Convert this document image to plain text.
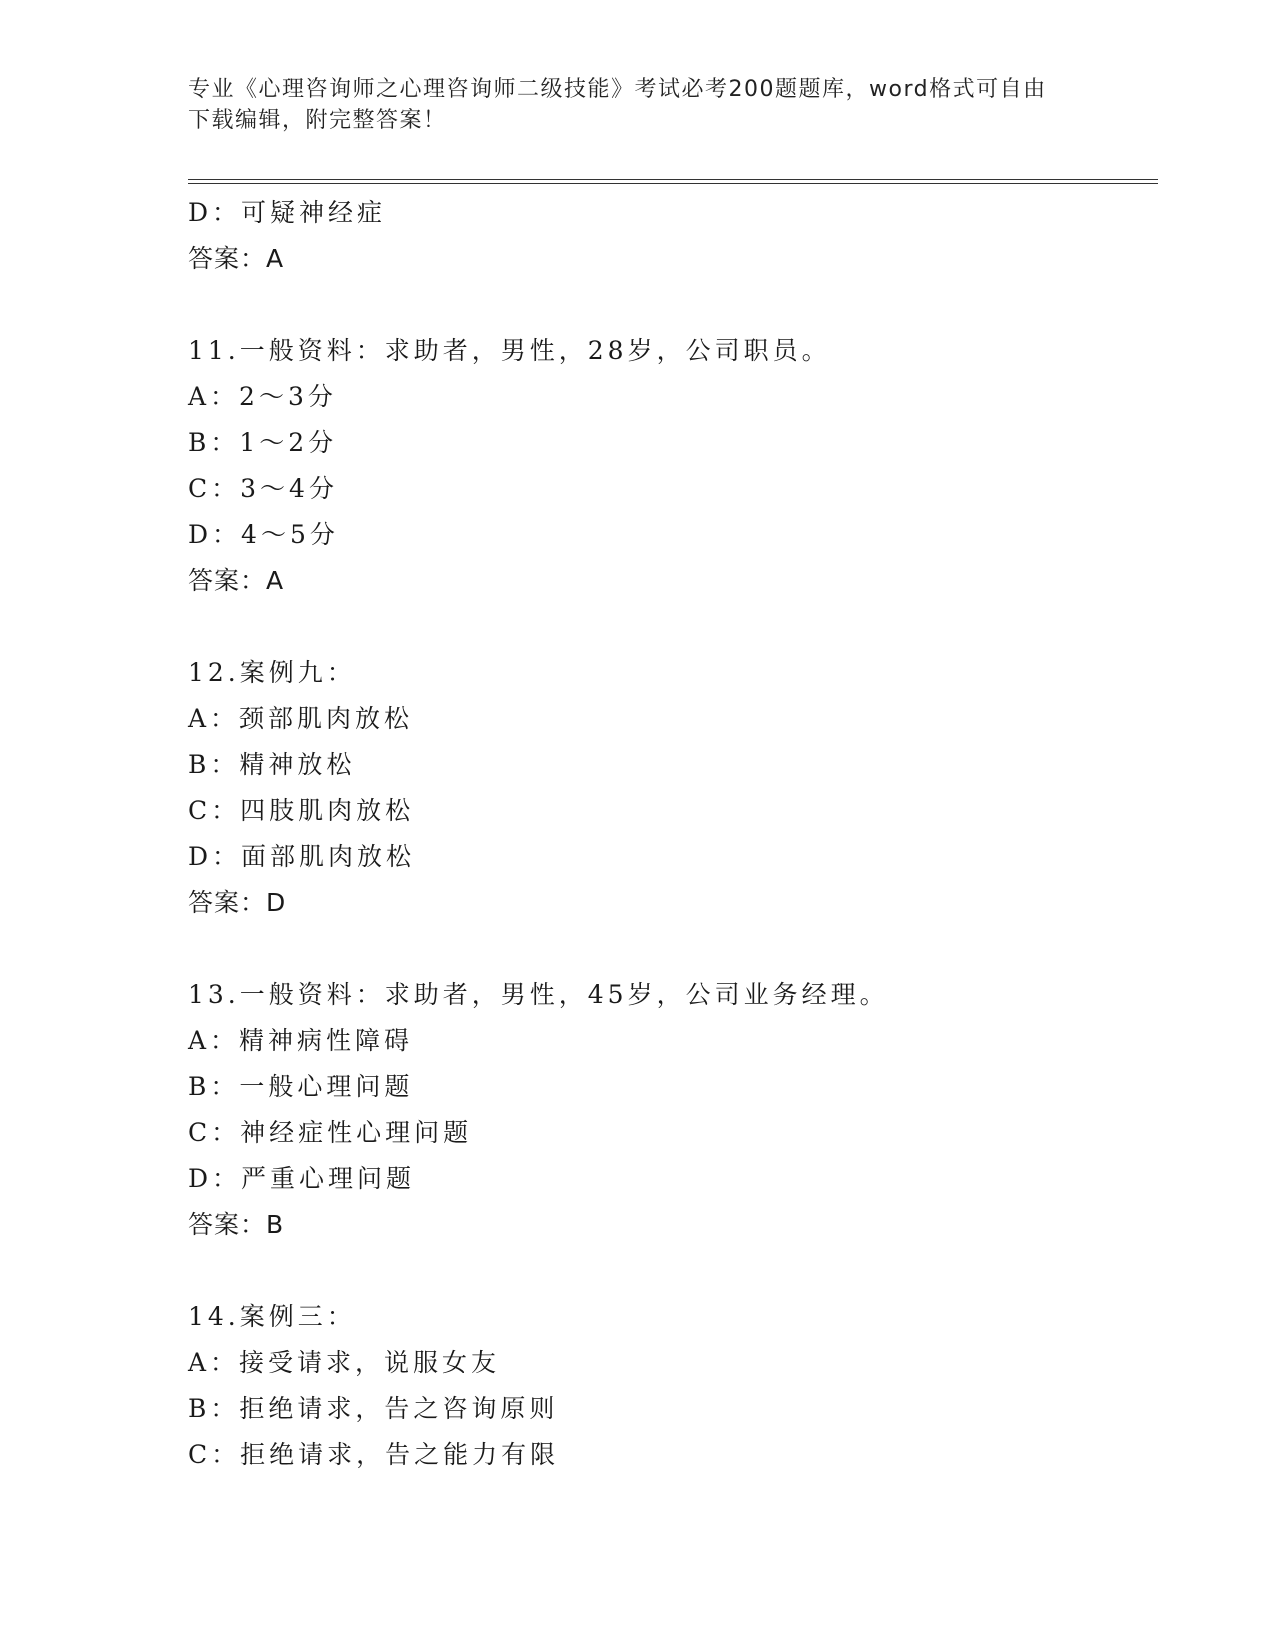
专业《心理咨询师之心理咨询师二级技能》考试必考200题题库，word格式可自由下载编辑，附完整答案！
D：可疑神经症
答案：A
11.一般资料：求助者，男性，28岁，公司职员。
A：2～3分
B：1～2分
C：3～4分
D：4～5分
答案：A
12.案例九：
A：颈部肌肉放松
B：精神放松
C：四肢肌肉放松
D：面部肌肉放松
答案：D
13.一般资料：求助者，男性，45岁，公司业务经理。
A：精神病性障碍
B：一般心理问题
C：神经症性心理问题
D：严重心理问题
答案：B
14.案例三：
A：接受请求，说服女友
B：拒绝请求，告之咨询原则
C：拒绝请求，告之能力有限
